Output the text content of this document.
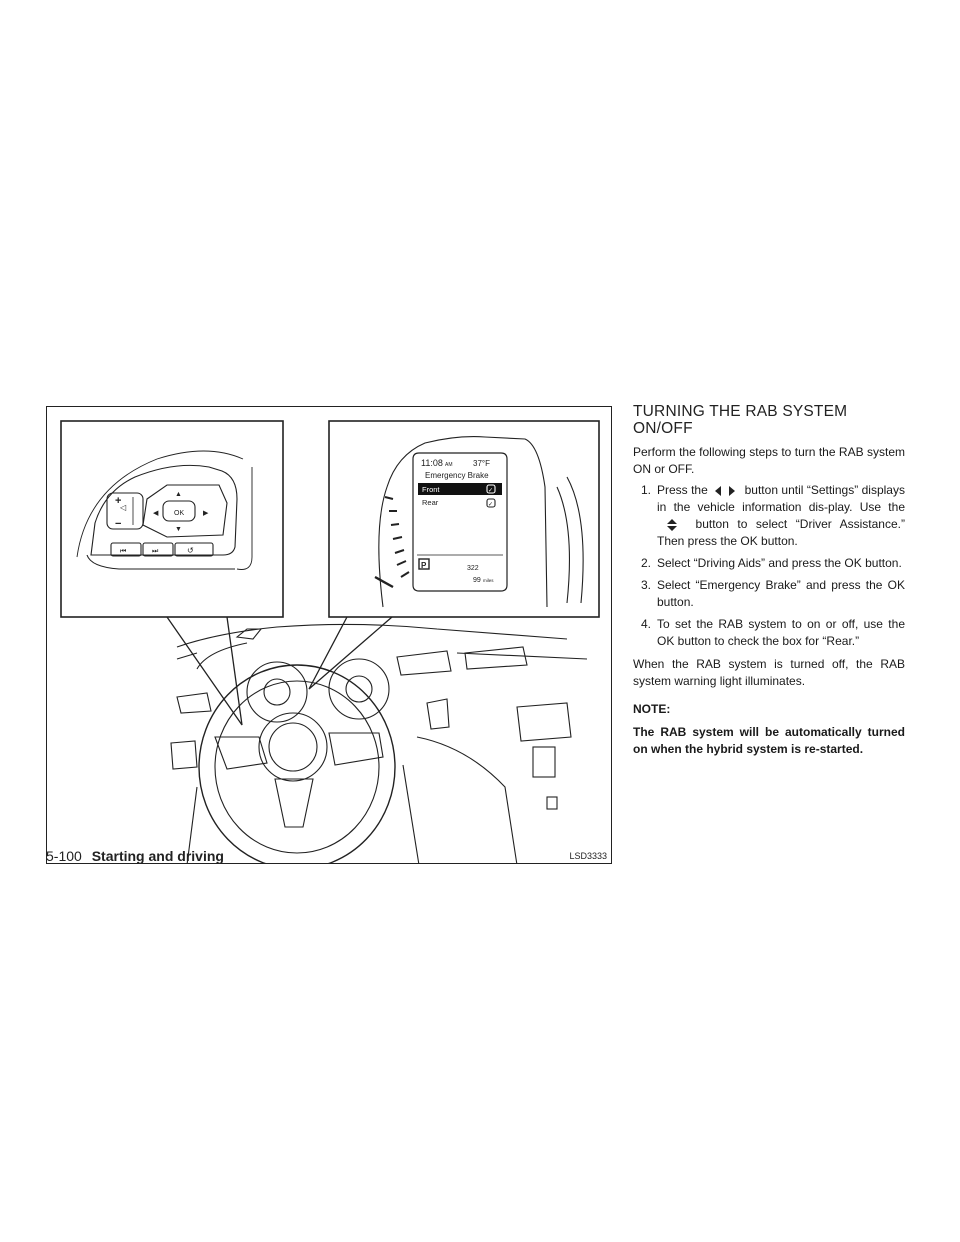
+
−
OK
▲
▼
◀	▶
◁
⏮	⏭	↺
11:08 AM	37°F
Emergency Brake
Front
Rear
P	322
99 miles
✓
✓
LSD3333
TURNING THE RAB SYSTEM
ON/OFF

Perform the following steps to turn the RAB system ON or OFF.

1. Press the	button until “Settings” displays in the vehicle information dis-play. Use the  button to select “Driver Assistance.” Then press the OK button.
2. Select “Driving Aids” and press the OK button.
3. Select “Emergency Brake” and press the OK button.
4. To set the RAB system to on or off, use the OK button to check the box for “Rear.”

When the RAB system is turned off, the RAB system warning light illuminates.

NOTE:
The RAB system will be automatically turned on when the hybrid system is re-started.
5-100 Starting and driving
